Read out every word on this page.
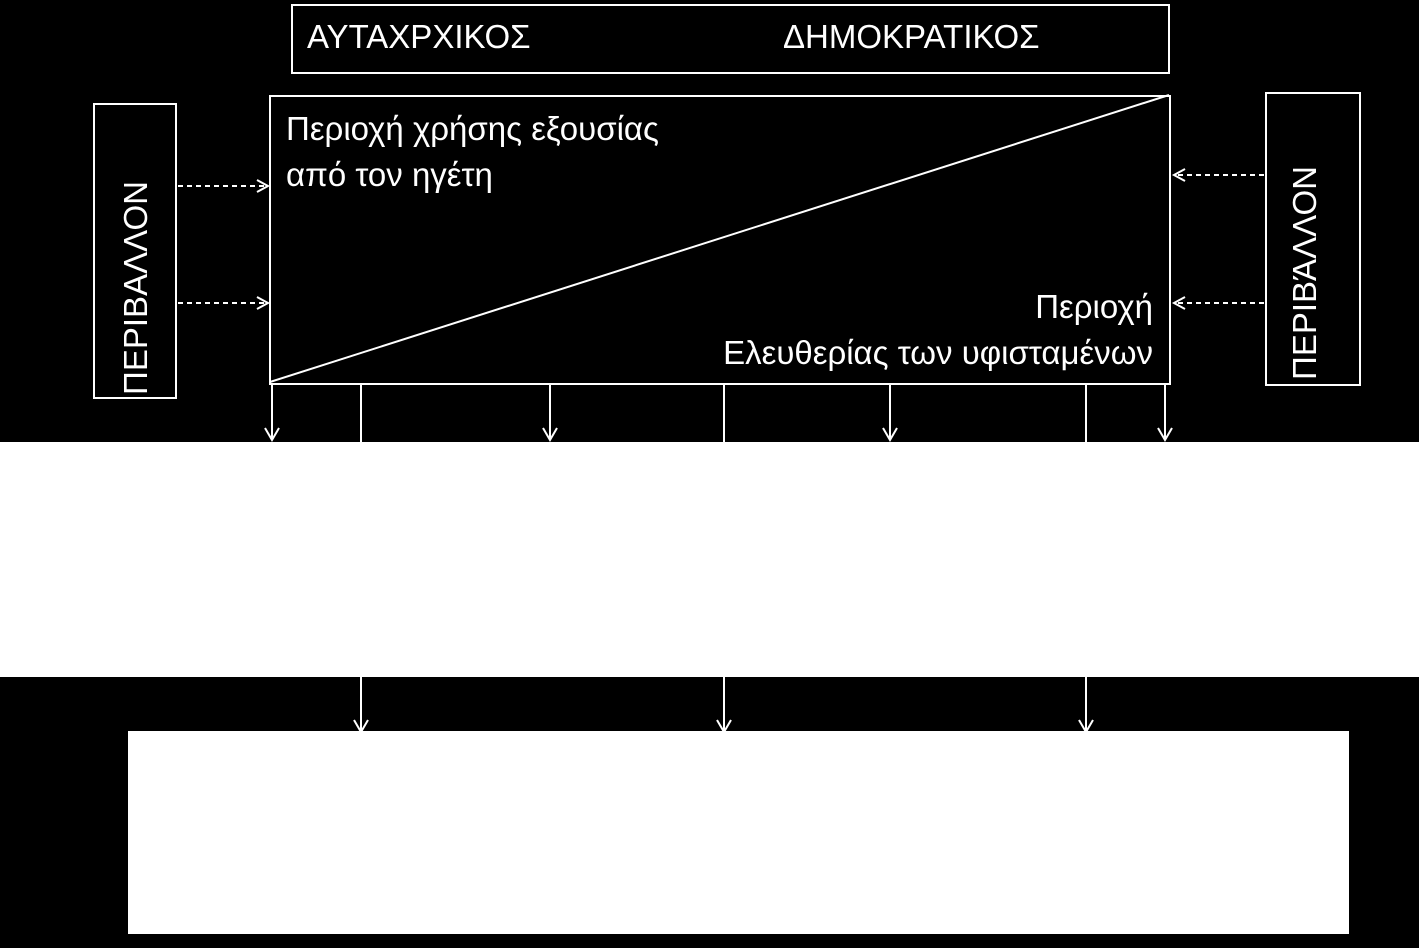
ΑΥΤΑΧΡΧΙΚΟΣ	ΔΗΜΟΚΡΑΤΙΚΟΣ
Περιοχή χρήσης εξουσίας
από τον ηγέτη
Περιοχή
Ελευθερίας των υφισταμένων
ΠΕΡΙΒΑΛΛΟΝ	ΠΕΡΙΒΆΛΛΟΝ
